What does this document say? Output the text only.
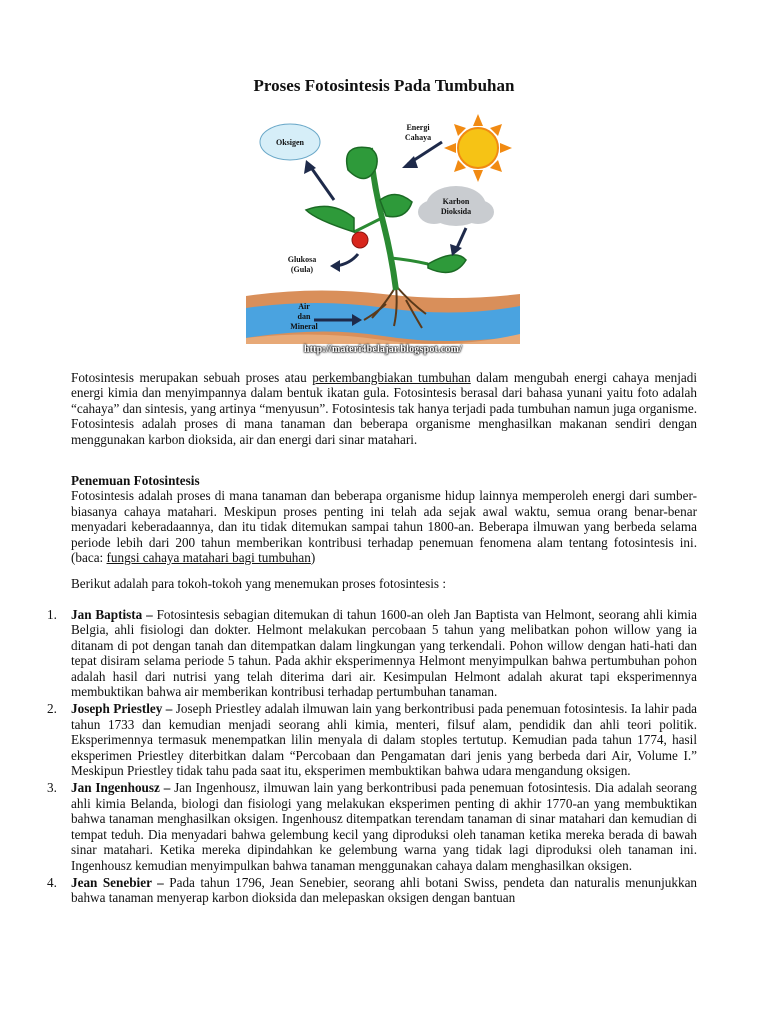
Proses Fotosintesis Pada Tumbuhan
Oksigen
Energi
Cahaya
Karbon
Dioksida
Glukosa
(Gula)
Air
dan
Mineral
http://materi4belajar.blogspot.com/

Fotosintesis merupakan sebuah proses atau perkembangbiakan tumbuhan dalam mengubah energi cahaya menjadi energi kimia dan menyimpannya dalam bentuk ikatan gula. Fotosintesis berasal dari bahasa yunani yaitu foto adalah “cahaya” dan sintesis, yang artinya “menyusun”. Fotosintesis tak hanya terjadi pada tumbuhan namun juga organisme. Fotosintesis adalah proses di mana tanaman dan beberapa organisme menghasilkan makanan sendiri dengan menggunakan karbon dioksida, air dan energi dari sinar matahari.

Penemuan Fotosintesis

Fotosintesis adalah proses di mana tanaman dan beberapa organisme hidup lainnya memperoleh energi dari sumber-biasanya cahaya matahari. Meskipun proses penting ini telah ada sejak awal waktu, semua orang benar-benar menyadari keberadaannya, dan itu tidak ditemukan sampai tahun 1800-an. Beberapa ilmuwan yang berbeda selama periode lebih dari 200 tahun memberikan kontribusi terhadap penemuan fenomena alam tentang fotosintesis ini. (baca: fungsi cahaya matahari bagi tumbuhan)

Berikut adalah para tokoh-tokoh yang menemukan proses fotosintesis :

1. Jan Baptista – Fotosintesis sebagian ditemukan di tahun 1600-an oleh Jan Baptista van Helmont, seorang ahli kimia Belgia, ahli fisiologi dan dokter. Helmont melakukan percobaan 5 tahun yang melibatkan pohon willow yang ia ditanam di pot dengan tanah dan ditempatkan dalam lingkungan yang terkendali. Pohon willow dengan hati-hati dan tepat disiram selama periode 5 tahun. Pada akhir eksperimennya Helmont menyimpulkan bahwa pertumbuhan pohon adalah hasil dari nutrisi yang telah diterima dari air. Kesimpulan Helmont adalah akurat tapi eksperimennya membuktikan bahwa air memberikan kontribusi terhadap pertumbuhan tanaman.
2. Joseph Priestley – Joseph Priestley adalah ilmuwan lain yang berkontribusi pada penemuan fotosintesis. Ia lahir pada tahun 1733 dan kemudian menjadi seorang ahli kimia, menteri, filsuf alam, pendidik dan ahli teori politik. Eksperimennya termasuk menempatkan lilin menyala di dalam stoples tertutup. Kemudian pada tahun 1774, hasil eksperimen Priestley diterbitkan dalam “Percobaan dan Pengamatan dari jenis yang berbeda dari Air, Volume I.” Meskipun Priestley tidak tahu pada saat itu, eksperimen membuktikan bahwa udara mengandung oksigen.
3. Jan Ingenhousz – Jan Ingenhousz, ilmuwan lain yang berkontribusi pada penemuan fotosintesis. Dia adalah seorang ahli kimia Belanda, biologi dan fisiologi yang melakukan eksperimen penting di akhir 1770-an yang membuktikan bahwa tanaman menghasilkan oksigen. Ingenhousz ditempatkan terendam tanaman di sinar matahari dan kemudian di tempat teduh. Dia menyadari bahwa gelembung kecil yang diproduksi oleh tanaman ketika mereka berada di bawah sinar matahari. Ketika mereka dipindahkan ke gelembung warna yang tidak lagi diproduksi oleh tanaman ini. Ingenhousz kemudian menyimpulkan bahwa tanaman menggunakan cahaya dalam menghasilkan oksigen.
4. Jean Senebier – Pada tahun 1796, Jean Senebier, seorang ahli botani Swiss, pendeta dan naturalis menunjukkan bahwa tanaman menyerap karbon dioksida dan melepaskan oksigen dengan bantuan
